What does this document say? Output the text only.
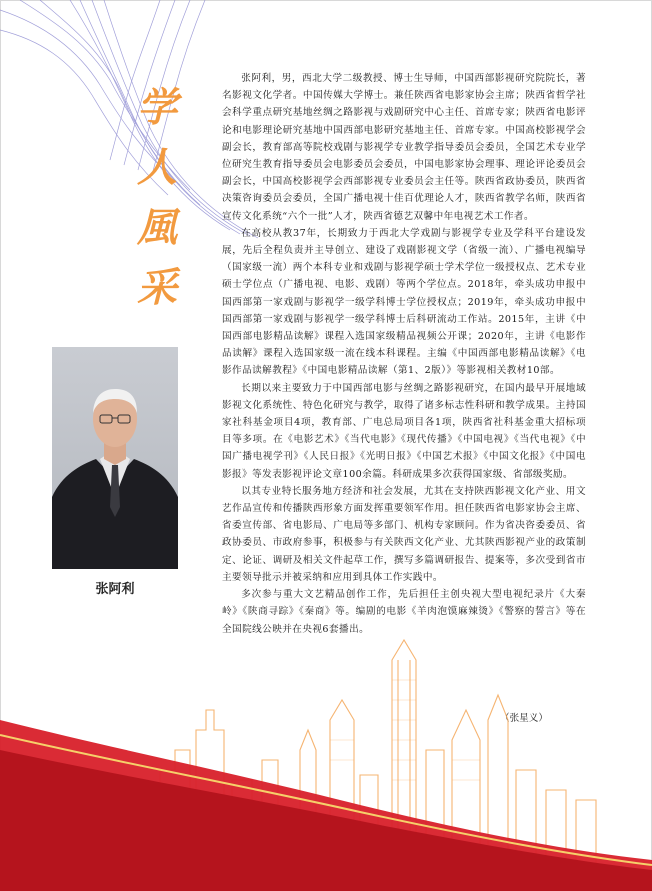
学
人
風
采
张阿利

张阿利，男，西北大学二级教授、博士生导师，中国西部影视研究院院长，著名影视文化学者。中国传媒大学博士。兼任陕西省电影家协会主席；陕西省哲学社会科学重点研究基地丝绸之路影视与戏剧研究中心主任、首席专家；陕西省电影评论和电影理论研究基地中国西部电影研究基地主任、首席专家。中国高校影视学会副会长，教育部高等院校戏剧与影视学专业教学指导委员会委员，全国艺术专业学位研究生教育指导委员会电影委员会委员，中国电影家协会理事、理论评论委员会副会长，中国高校影视学会西部影视专业委员会主任等。陕西省政协委员，陕西省决策咨询委员会委员，全国广播电视十佳百优理论人才，陕西省教学名师，陕西省宣传文化系统“六个一批”人才，陕西省德艺双馨中年电视艺术工作者。

在高校从教37年，长期致力于西北大学戏剧与影视学专业及学科平台建设发展，先后全程负责并主导创立、建设了戏剧影视文学（省级一流）、广播电视编导（国家级一流）两个本科专业和戏剧与影视学硕士学术学位一级授权点、艺术专业硕士学位点（广播电视、电影、戏剧）等两个学位点。2018年，牵头成功申报中国西部第一家戏剧与影视学一级学科博士学位授权点；2019年，牵头成功申报中国西部第一家戏剧与影视学一级学科博士后科研流动工作站。2015年，主讲《中国西部电影精品读解》课程入选国家级精品视频公开课；2020年，主讲《电影作品读解》课程入选国家级一流在线本科课程。主编《中国西部电影精品读解》《电影作品读解教程》《中国电影精品读解（第1、2版）》等影视相关教材10部。

长期以来主要致力于中国西部电影与丝绸之路影视研究，在国内最早开展地域影视文化系统性、特色化研究与教学，取得了诸多标志性科研和教学成果。主持国家社科基金项目4项，教育部、广电总局项目各1项，陕西省社科基金重大招标项目等多项。在《电影艺术》《当代电影》《现代传播》《中国电视》《当代电视》《中国广播电视学刊》《人民日报》《光明日报》《中国艺术报》《中国文化报》《中国电影报》等发表影视评论文章100余篇。科研成果多次获得国家级、省部级奖励。

以其专业特长服务地方经济和社会发展，尤其在支持陕西影视文化产业、用文艺作品宣传和传播陕西形象方面发挥重要领军作用。担任陕西省电影家协会主席、省委宣传部、省电影局、广电局等多部门、机构专家顾问。作为省决咨委委员、省政协委员、市政府参事，积极参与有关陕西文化产业、尤其陕西影视产业的政策制定、论证、调研及相关文件起草工作，撰写多篇调研报告、提案等，多次受到省市主要领导批示并被采纳和应用到具体工作实践中。

多次参与重大文艺精品创作工作，先后担任主创央视大型电视纪录片《大秦岭》《陕商寻踪》《秦商》等。编剧的电影《羊肉泡馍麻辣烫》《警察的誓言》等在全国院线公映并在央视6套播出。

（张星义）
